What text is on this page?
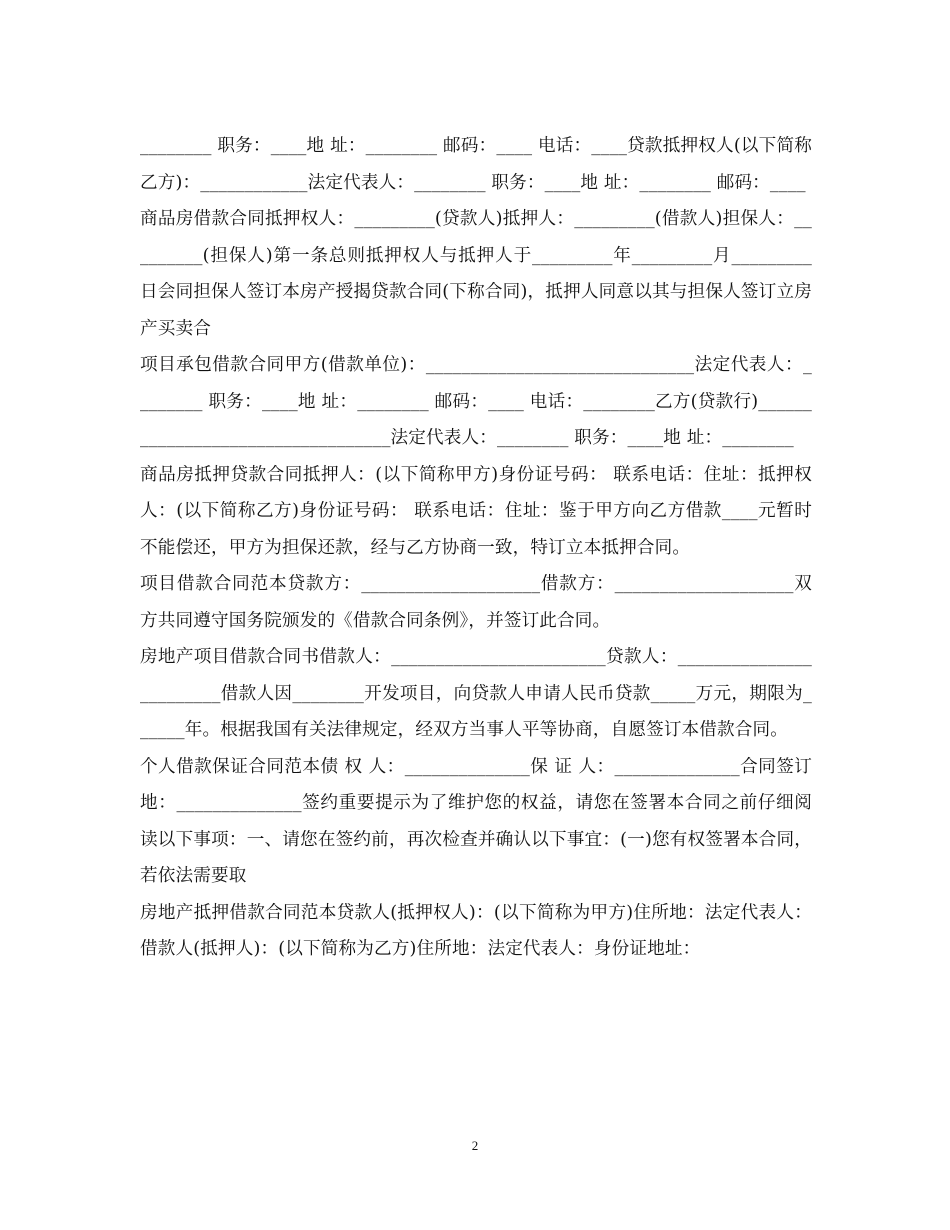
________ 职务：____地 址：________ 邮码：____ 电话：____贷款抵押权人(以下简称乙方)：____________法定代表人：________ 职务：____地 址：________ 邮码：____

商品房借款合同抵押权人：_________(贷款人)抵押人：_________(借款人)担保人：_________(担保人)第一条总则抵押权人与抵押人于_________年_________月_________日会同担保人签订本房产授揭贷款合同(下称合同)，抵押人同意以其与担保人签订立房产买卖合

项目承包借款合同甲方(借款单位)：______________________________法定代表人：________ 职务：____地 址：________ 邮码：____ 电话：________乙方(贷款行)__________________________________法定代表人：________ 职务：____地 址：________

商品房抵押贷款合同抵押人：(以下简称甲方)身份证号码： 联系电话：住址：抵押权人：(以下简称乙方)身份证号码： 联系电话：住址：鉴于甲方向乙方借款____元暂时不能偿还，甲方为担保还款，经与乙方协商一致，特订立本抵押合同。

项目借款合同范本贷款方：____________________借款方：____________________双方共同遵守国务院颁发的《借款合同条例》，并签订此合同。

房地产项目借款合同书借款人：________________________贷款人：________________________借款人因________开发项目，向贷款人申请人民币贷款_____万元，期限为______年。根据我国有关法律规定，经双方当事人平等协商，自愿签订本借款合同。

个人借款保证合同范本债 权 人：______________保 证 人：______________合同签订地：______________签约重要提示为了维护您的权益，请您在签署本合同之前仔细阅读以下事项：一、请您在签约前，再次检查并确认以下事宜：(一)您有权签署本合同，若依法需要取

房地产抵押借款合同范本贷款人(抵押权人)：(以下简称为甲方)住所地：法定代表人：借款人(抵押人)：(以下简称为乙方)住所地：法定代表人：身份证地址：

2
